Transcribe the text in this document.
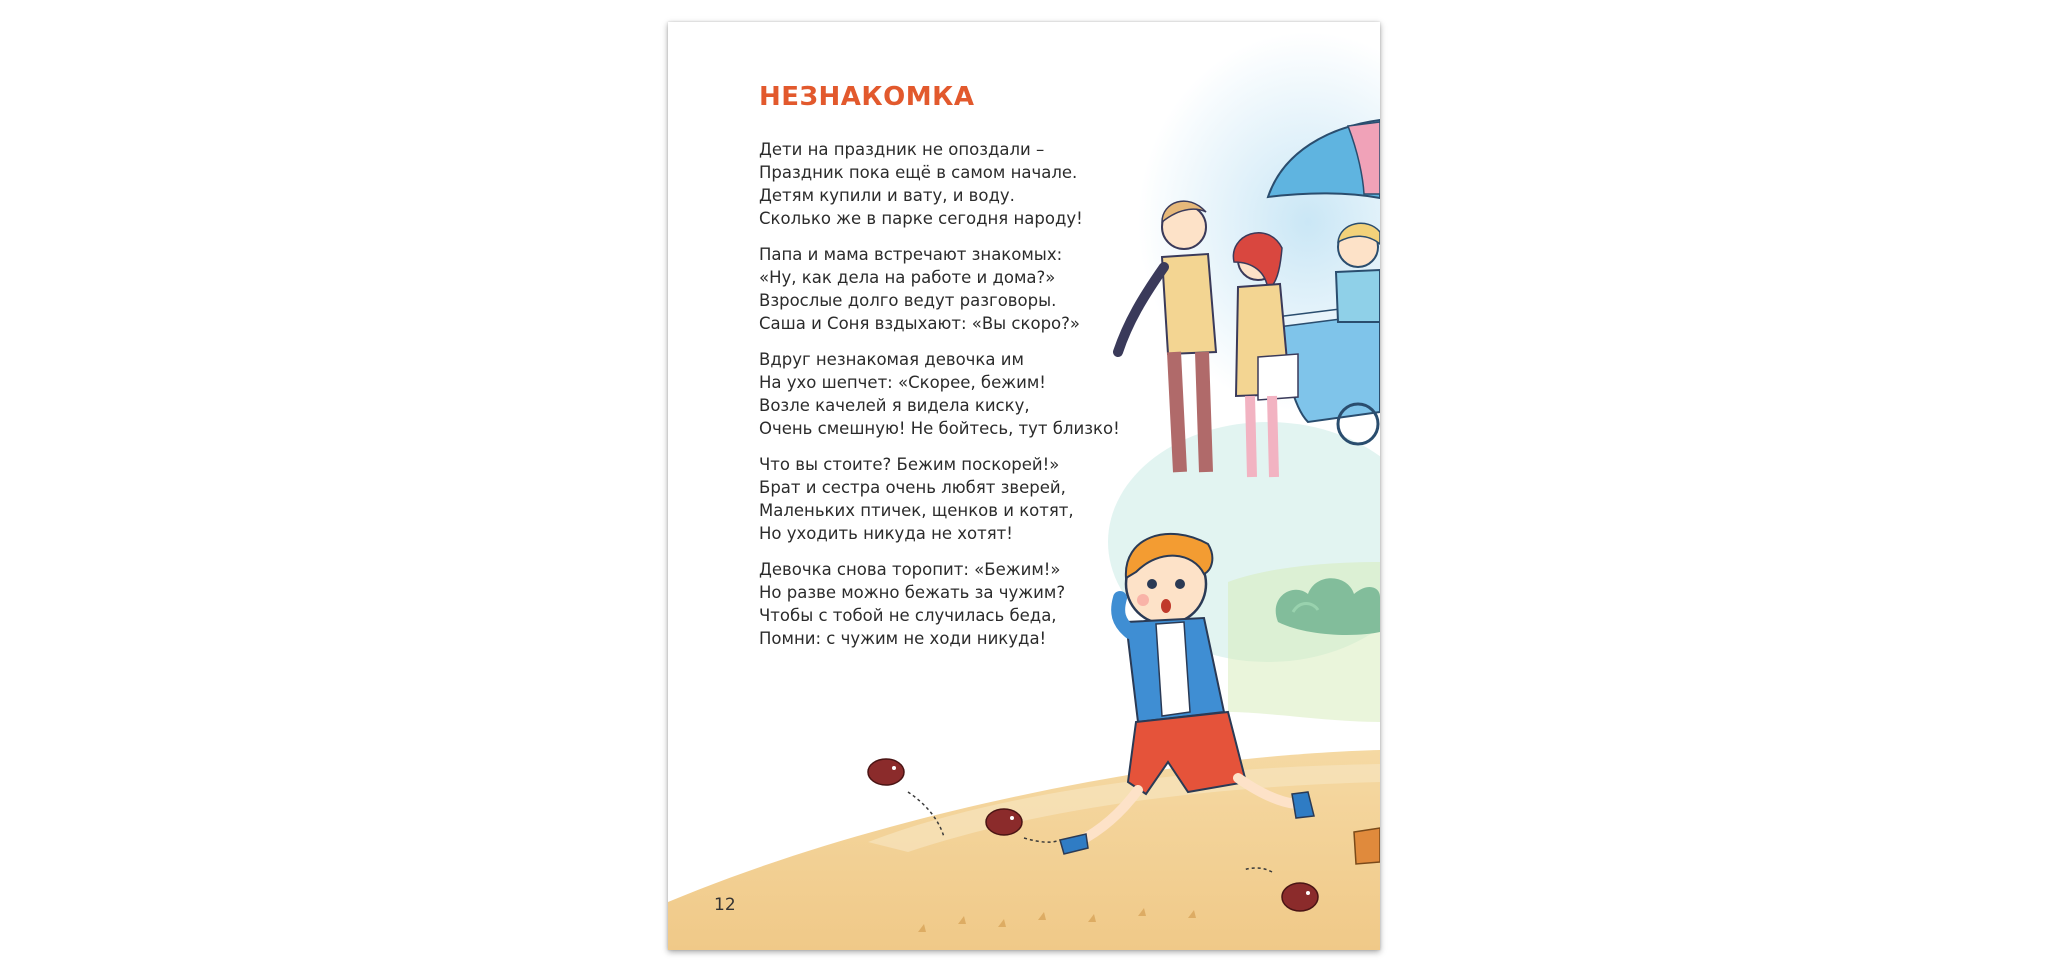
НЕЗНАКОМКА
Дети на праздник не опоздали –
Праздник пока ещё в самом начале.
Детям купили и вату, и воду.
Сколько же в парке сегодня народу!
Папа и мама встречают знакомых:
«Ну, как дела на работе и дома?»
Взрослые долго ведут разговоры.
Саша и Соня вздыхают: «Вы скоро?»
Вдруг незнакомая девочка им
На ухо шепчет: «Скорее, бежим!
Возле качелей я видела киску,
Очень смешную! Не бойтесь, тут близко!
Что вы стоите? Бежим поскорей!»
Брат и сестра очень любят зверей,
Маленьких птичек, щенков и котят,
Но уходить никуда не хотят!
Девочка снова торопит: «Бежим!»
Но разве можно бежать за чужим?
Чтобы с тобой не случилась беда,
Помни: с чужим не ходи никуда!
12
